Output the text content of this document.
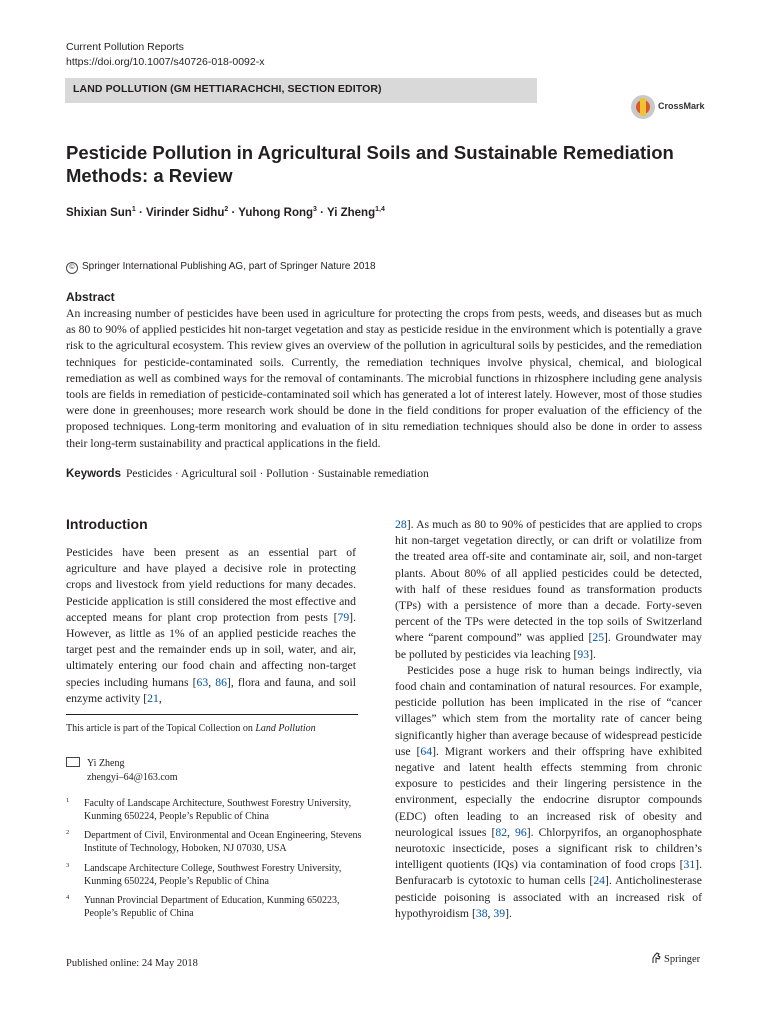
Current Pollution Reports
https://doi.org/10.1007/s40726-018-0092-x
LAND POLLUTION (GM HETTIARACHCHI, SECTION EDITOR)
CrossMark
Pesticide Pollution in Agricultural Soils and Sustainable Remediation Methods: a Review
Shixian Sun$^1$ · Virinder Sidhu$^2$ · Yuhong Rong$^3$ · Yi Zheng$^{1,4}$
© Springer International Publishing AG, part of Springer Nature 2018
Abstract
An increasing number of pesticides have been used in agriculture for protecting the crops from pests, weeds, and diseases but as much as 80 to 90% of applied pesticides hit non-target vegetation and stay as pesticide residue in the environment which is potentially a grave risk to the agricultural ecosystem. This review gives an overview of the pollution in agricultural soils by pesticides, and the remediation techniques for pesticide-contaminated soils. Currently, the remediation techniques involve physical, chemical, and biological remediation as well as combined ways for the removal of contaminants. The microbial functions in rhizosphere including gene analysis tools are fields in remediation of pesticide-contaminated soil which has generated a lot of interest lately. However, most of those studies were done in greenhouses; more research work should be done in the field conditions for proper evaluation of the efficiency of the proposed techniques. Long-term monitoring and evaluation of in situ remediation techniques should also be done in order to assess their long-term sustainability and practical applications in the field.
Keywords Pesticides · Agricultural soil · Pollution · Sustainable remediation
Introduction
Pesticides have been present as an essential part of agriculture and have played a decisive role in protecting crops and livestock from yield reductions for many decades. Pesticide application is still considered the most effective and accepted means for plant crop protection from pests [79]. However, as little as 1% of an applied pesticide reaches the target pest and the remainder ends up in soil, water, and air, ultimately entering our food chain and affecting non-target species including humans [63, 86], flora and fauna, and soil enzyme activity [21,

28]. As much as 80 to 90% of pesticides that are applied to crops hit non-target vegetation directly, or can drift or volatilize from the treated area off-site and contaminate air, soil, and non-target plants. About 80% of all applied pesticides could be detected, with half of these residues found as transformation products (TPs) with a persistence of more than a decade. Forty-seven percent of the TPs were detected in the top soils of Switzerland where “parent compound” was applied [25]. Groundwater may be polluted by pesticides via leaching [93].

Pesticides pose a huge risk to human beings indirectly, via food chain and contamination of natural resources. For example, pesticide pollution has been implicated in the rise of “cancer villages” which stem from the mortality rate of cancer being significantly higher than average because of widespread pesticide use [64]. Migrant workers and their offspring have exhibited negative and latent health effects stemming from chronic exposure to pesticides and their lingering persistence in the environment, especially the endocrine disruptor compounds (EDC) often leading to an increased risk of obesity and neurological issues [82, 96]. Chlorpyrifos, an organophosphate neurotoxic insecticide, poses a significant risk to children’s intelligent quotients (IQs) via contamination of food crops [31]. Benfuracarb is cytotoxic to human cells [24]. Anticholinesterase pesticide poisoning is associated with an increased risk of hypothyroidism [38, 39].

This article is part of the Topical Collection on Land Pollution
Yi Zheng
zhengyi–64@163.com
1 Faculty of Landscape Architecture, Southwest Forestry University, Kunming 650224, People’s Republic of China
2 Department of Civil, Environmental and Ocean Engineering, Stevens Institute of Technology, Hoboken, NJ 07030, USA
3 Landscape Architecture College, Southwest Forestry University, Kunming 650224, People’s Republic of China
4 Yunnan Provincial Department of Education, Kunming 650223, People’s Republic of China
Published online: 24 May 2018	Springer
